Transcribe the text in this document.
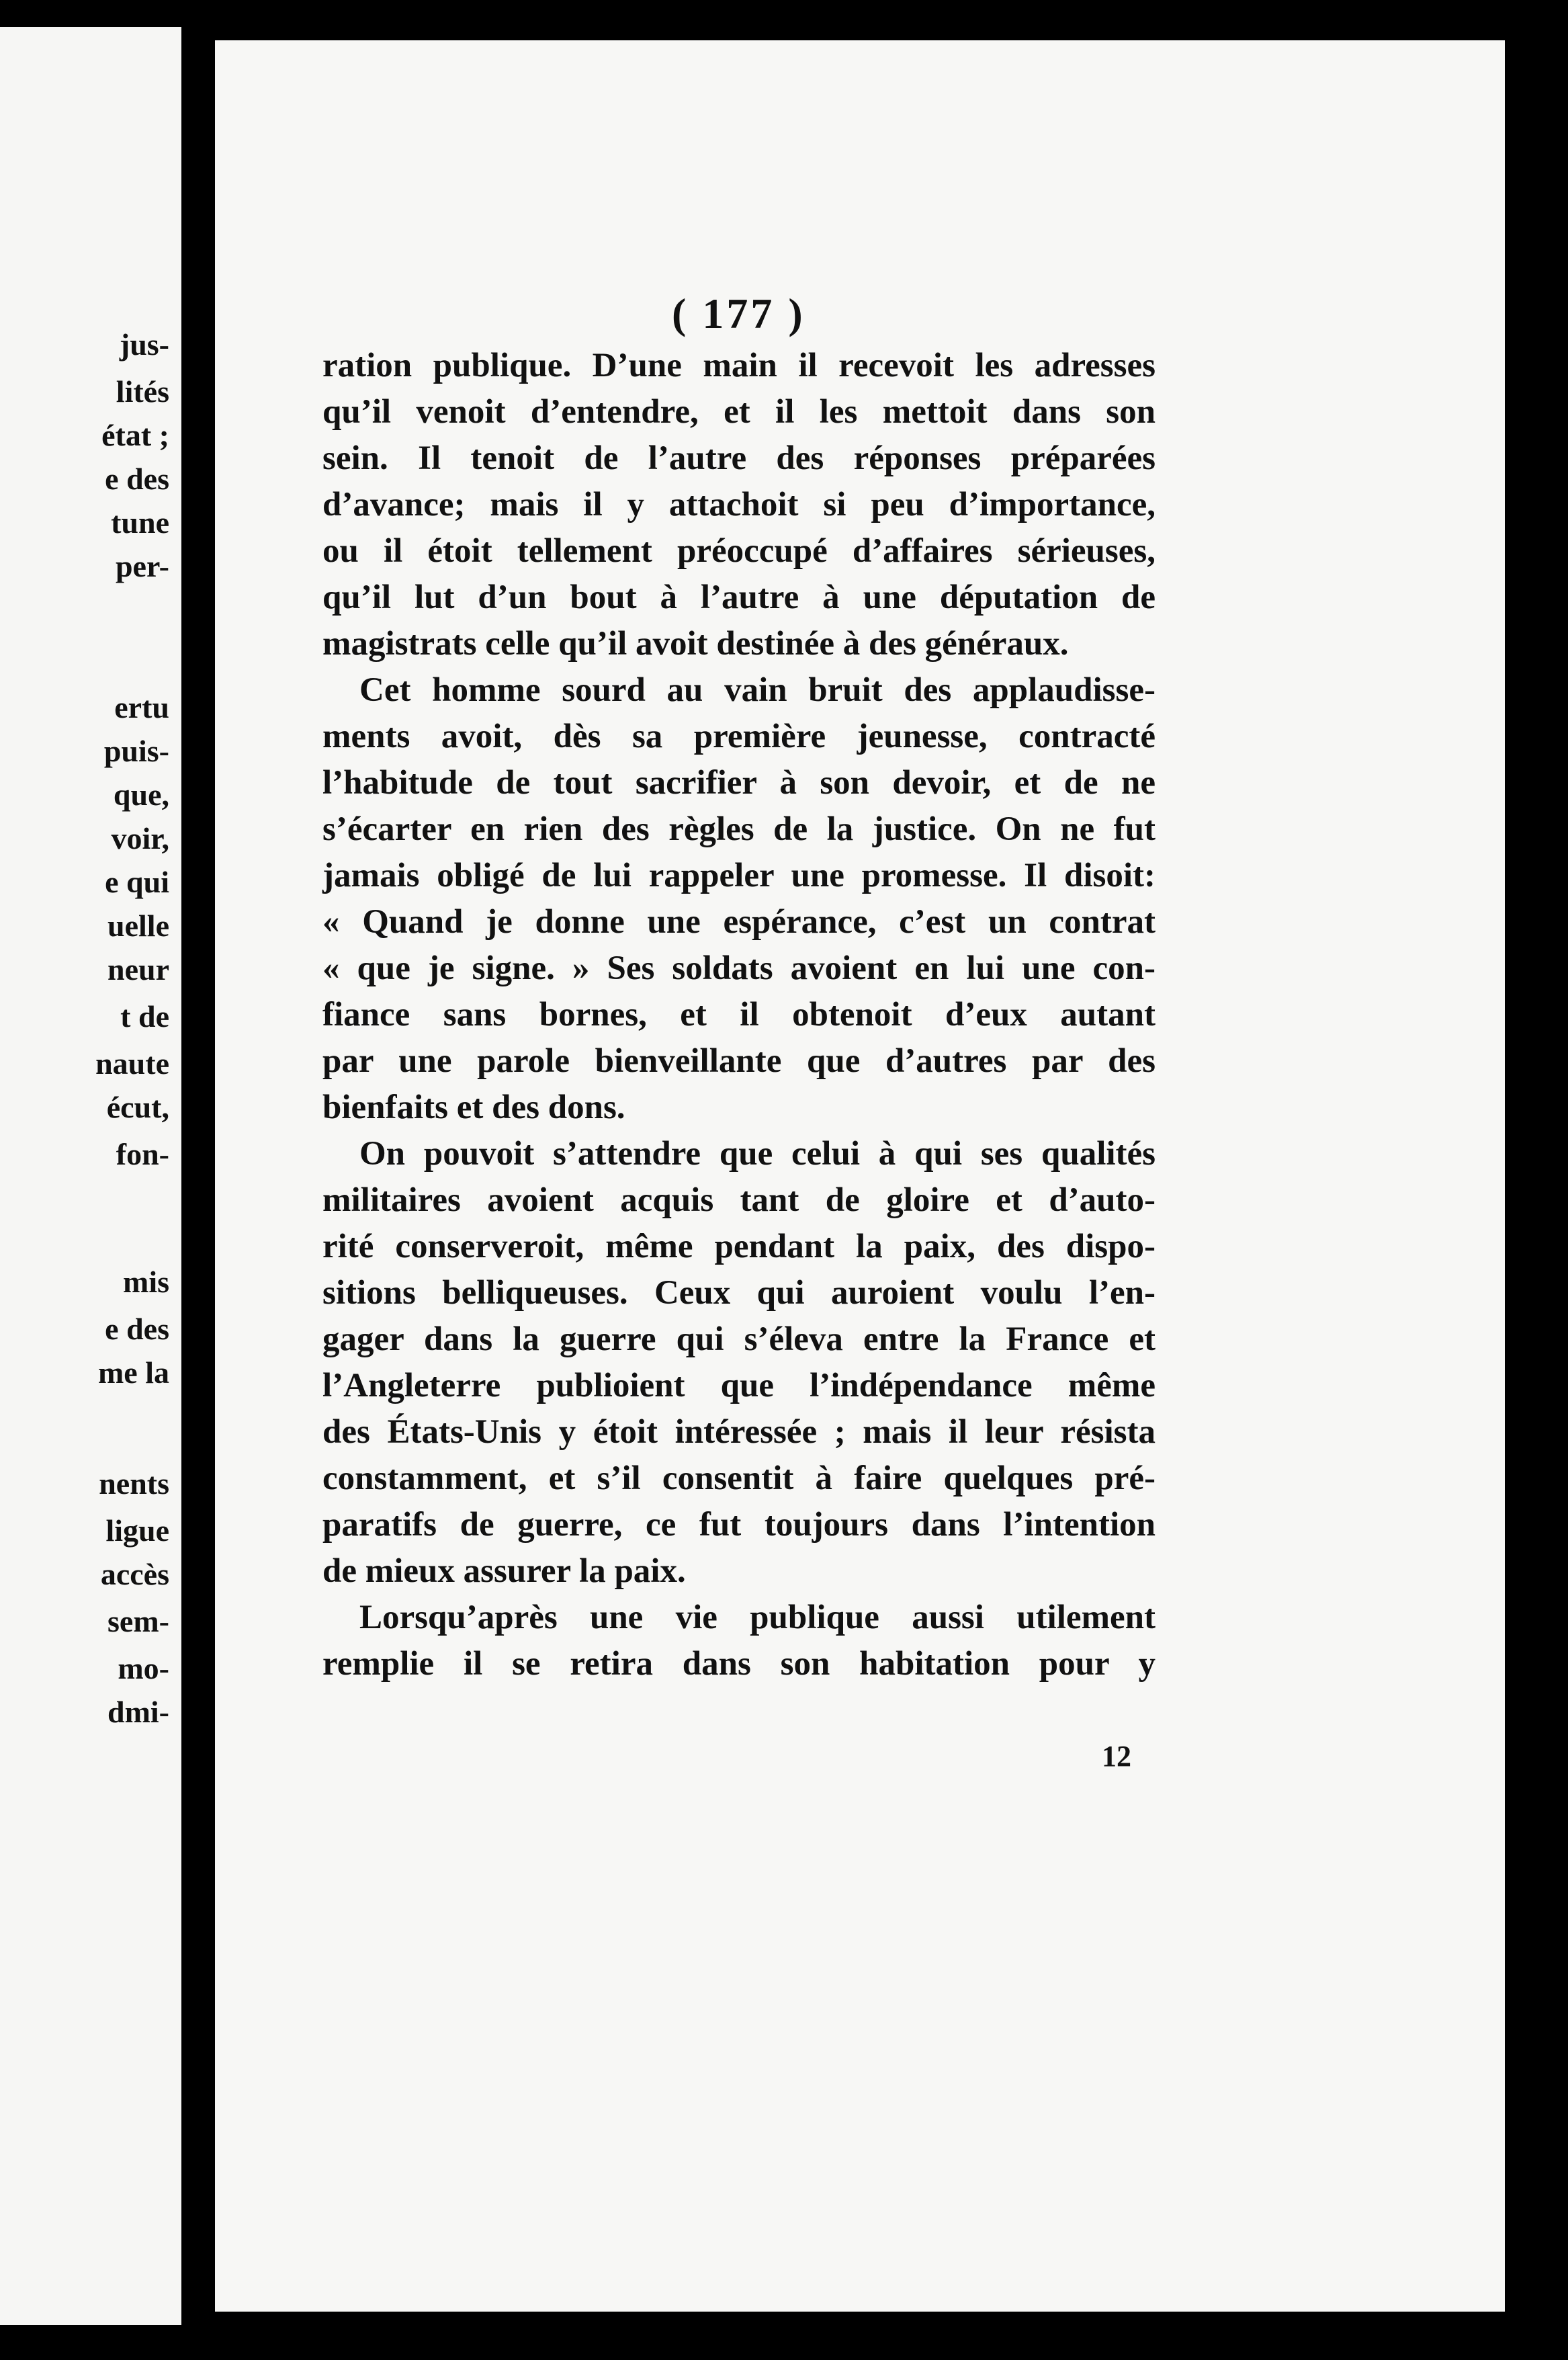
jus-
lités
état ;
e des
tune
per-
ertu
puis-
que,
voir,
e qui
uelle
neur
t de
naute
écut,
fon-
mis
e des
me la
nents
ligue
accès
sem-
mo-
dmi-
( 177 )
ration publique. D’une main il recevoit les adresses
qu’il venoit d’entendre, et il les mettoit dans son
sein. Il tenoit de l’autre des réponses préparées
d’avance; mais il y attachoit si peu d’importance,
ou il étoit tellement préoccupé d’affaires sérieuses,
qu’il lut d’un bout à l’autre à une députation de
magistrats celle qu’il avoit destinée à des généraux.
Cet homme sourd au vain bruit des applaudisse-
ments avoit, dès sa première jeunesse, contracté
l’habitude de tout sacrifier à son devoir, et de ne
s’écarter en rien des règles de la justice. On ne fut
jamais obligé de lui rappeler une promesse. Il disoit:
« Quand je donne une espérance, c’est un contrat
« que je signe. » Ses soldats avoient en lui une con-
fiance sans bornes, et il obtenoit d’eux autant
par une parole bienveillante que d’autres par des
bienfaits et des dons.
On pouvoit s’attendre que celui à qui ses qualités
militaires avoient acquis tant de gloire et d’auto-
rité conserveroit, même pendant la paix, des dispo-
sitions belliqueuses. Ceux qui auroient voulu l’en-
gager dans la guerre qui s’éleva entre la France et
l’Angleterre publioient que l’indépendance même
des États-Unis y étoit intéressée ; mais il leur résista
constamment, et s’il consentit à faire quelques pré-
paratifs de guerre, ce fut toujours dans l’intention
de mieux assurer la paix.
Lorsqu’après une vie publique aussi utilement
remplie il se retira dans son habitation pour y
12
